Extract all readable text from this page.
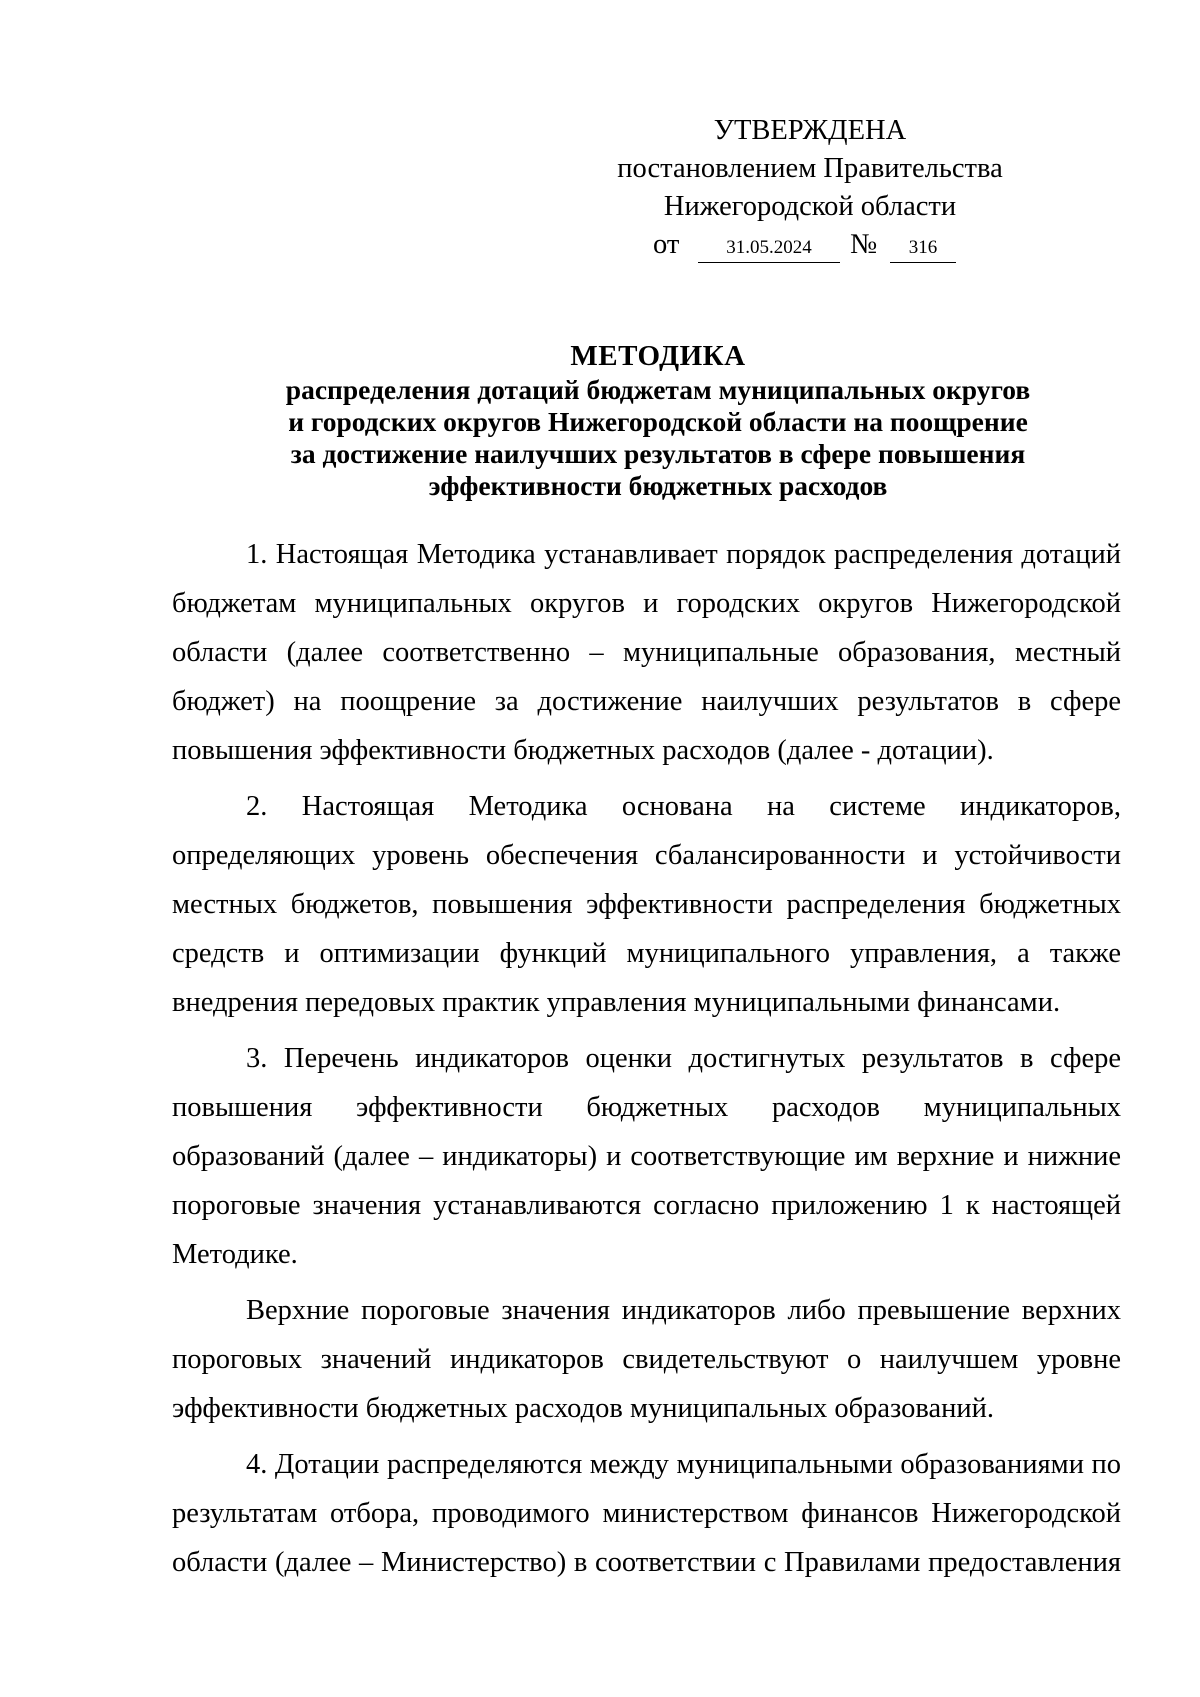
УТВЕРЖДЕНА
постановлением Правительства
Нижегородской области
от	31.05.2024	№	316
МЕТОДИКА
распределения дотаций бюджетам муниципальных округов
и городских округов Нижегородской области на поощрение
за достижение наилучших результатов в сфере повышения
эффективности бюджетных расходов
1. Настоящая Методика устанавливает порядок распределения дотаций
бюджетам муниципальных округов и городских округов Нижегородской
области (далее соответственно – муниципальные образования, местный
бюджет) на поощрение за достижение наилучших результатов в сфере
повышения эффективности бюджетных расходов (далее - дотации).
2. Настоящая Методика основана на системе индикаторов,
определяющих уровень обеспечения сбалансированности и устойчивости
местных бюджетов, повышения эффективности распределения бюджетных
средств и оптимизации функций муниципального управления, а также
внедрения передовых практик управления муниципальными финансами.
3. Перечень индикаторов оценки достигнутых результатов в сфере
повышения эффективности бюджетных расходов муниципальных
образований (далее – индикаторы) и соответствующие им верхние и нижние
пороговые значения устанавливаются согласно приложению 1 к настоящей
Методике.
Верхние пороговые значения индикаторов либо превышение верхних
пороговых значений индикаторов свидетельствуют о наилучшем уровне
эффективности бюджетных расходов муниципальных образований.
4. Дотации распределяются между муниципальными образованиями по
результатам отбора, проводимого министерством финансов Нижегородской
области (далее – Министерство) в соответствии с Правилами предоставления
